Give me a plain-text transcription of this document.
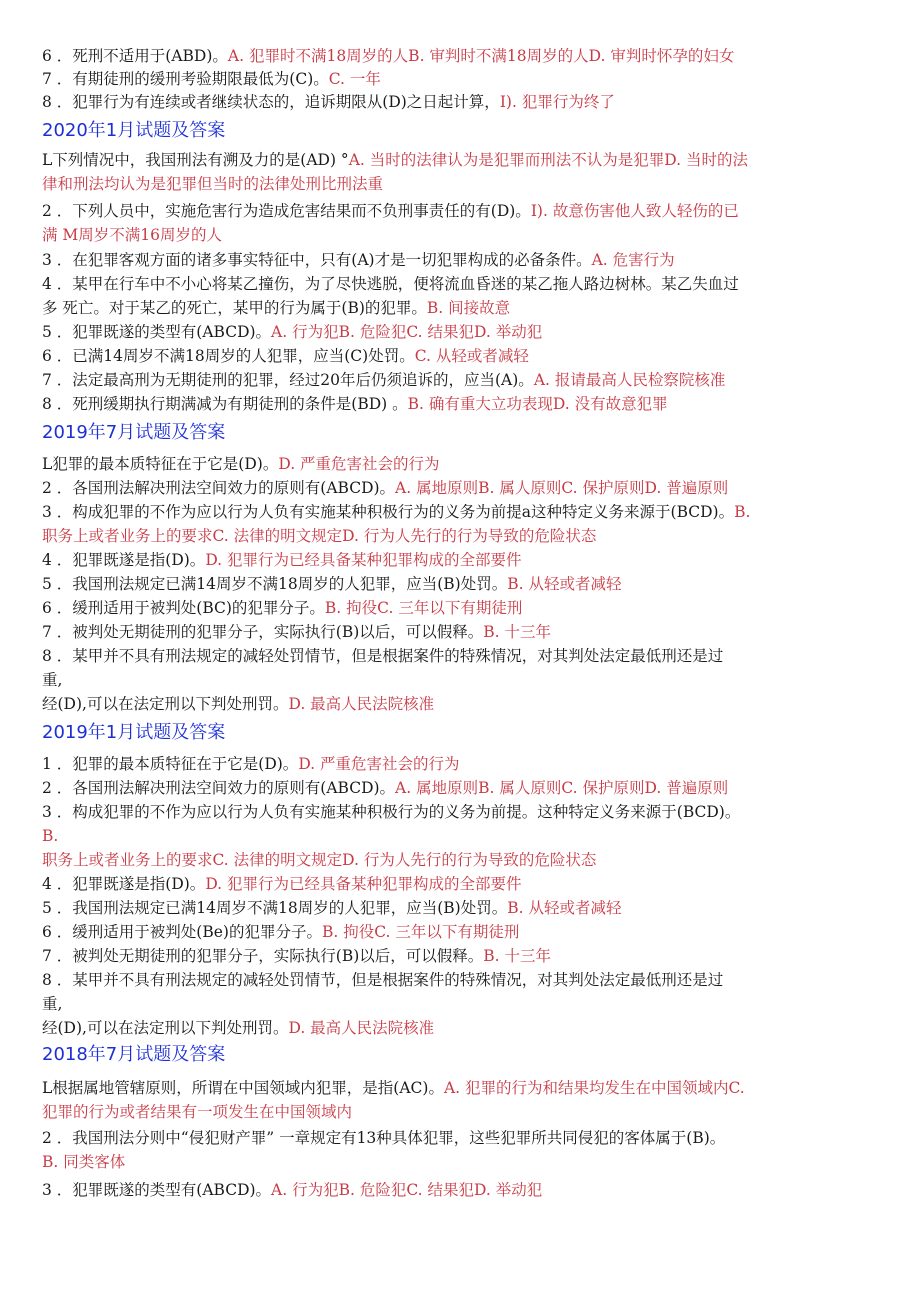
6 ．死刑不适用于(ABD)。A. 犯罪时不满18周岁的人B. 审判时不满18周岁的人D. 审判时怀孕的妇女
7 ．有期徒刑的缓刑考验期限最低为(C)。C. 一年
8 ．犯罪行为有连续或者继续状态的，追诉期限从(D)之日起计算，I). 犯罪行为终了
2020年1月试题及答案
L下列情况中，我国刑法有溯及力的是(AD) °A. 当时的法律认为是犯罪而刑法不认为是犯罪D. 当时的法
律和刑法均认为是犯罪但当时的法律处刑比刑法重
2 ．下列人员中，实施危害行为造成危害结果而不负刑事责任的有(D)。I). 故意伤害他人致人轻伤的已
满 M周岁不满16周岁的人
3 ．在犯罪客观方面的诸多事实特征中，只有(A)才是一切犯罪构成的必备条件。A. 危害行为
4 ．某甲在行车中不小心将某乙撞伤，为了尽快逃脱，便将流血昏迷的某乙拖人路边树林。某乙失血过
多 死亡。对于某乙的死亡，某甲的行为属于(B)的犯罪。B. 间接故意
5 ．犯罪既遂的类型有(ABCD)。A. 行为犯B. 危险犯C. 结果犯D. 举动犯
6 ．已满14周岁不满18周岁的人犯罪，应当(C)处罚。C. 从轻或者减轻
7 ．法定最高刑为无期徒刑的犯罪，经过20年后仍须追诉的，应当(A)。A. 报请最高人民检察院核准
8 ．死刑缓期执行期满减为有期徒刑的条件是(BD) 。B. 确有重大立功表现D. 没有故意犯罪
2019年7月试题及答案
L犯罪的最本质特征在于它是(D)。D. 严重危害社会的行为
2 ．各国刑法解决刑法空间效力的原则有(ABCD)。A. 属地原则B. 属人原则C. 保护原则D. 普遍原则
3 ．构成犯罪的不作为应以行为人负有实施某种积极行为的义务为前提a这种特定义务来源于(BCD)。B.
职务上或者业务上的要求C. 法律的明文规定D. 行为人先行的行为导致的危险状态
4 ．犯罪既遂是指(D)。D. 犯罪行为已经具备某种犯罪构成的全部要件
5 ．我国刑法规定已满14周岁不满18周岁的人犯罪，应当(B)处罚。B. 从轻或者减轻
6 ．缓刑适用于被判处(BC)的犯罪分子。B. 拘役C. 三年以下有期徒刑
7 ．被判处无期徒刑的犯罪分子，实际执行(B)以后，可以假释。B. 十三年
8 ．某甲并不具有刑法规定的减轻处罚情节，但是根据案件的特殊情况，对其判处法定最低刑还是过
重,
经(D),可以在法定刑以下判处刑罚。D. 最高人民法院核准
2019年1月试题及答案
1 ．犯罪的最本质特征在于它是(D)。D. 严重危害社会的行为
2 ．各国刑法解决刑法空间效力的原则有(ABCD)。A. 属地原则B. 属人原则C. 保护原则D. 普遍原则
3 ．构成犯罪的不作为应以行为人负有实施某种积极行为的义务为前提。这种特定义务来源于(BCD)。
B.
职务上或者业务上的要求C. 法律的明文规定D. 行为人先行的行为导致的危险状态
4 ．犯罪既遂是指(D)。D. 犯罪行为已经具备某种犯罪构成的全部要件
5 ．我国刑法规定已满14周岁不满18周岁的人犯罪，应当(B)处罚。B. 从轻或者减轻
6 ．缓刑适用于被判处(Be)的犯罪分子。B. 拘役C. 三年以下有期徒刑
7 ．被判处无期徒刑的犯罪分子，实际执行(B)以后，可以假释。B. 十三年
8 ．某甲并不具有刑法规定的减轻处罚情节，但是根据案件的特殊情况，对其判处法定最低刑还是过
重,
经(D),可以在法定刑以下判处刑罚。D. 最高人民法院核准
2018年7月试题及答案
L根据属地管辖原则，所谓在中国领域内犯罪，是指(AC)。A. 犯罪的行为和结果均发生在中国领域内C.
犯罪的行为或者结果有一项发生在中国领域内
2 ．我国刑法分则中“侵犯财产罪” 一章规定有13种具体犯罪，这些犯罪所共同侵犯的客体属于(B)。
B. 同类客体
3 ．犯罪既遂的类型有(ABCD)。A. 行为犯B. 危险犯C. 结果犯D. 举动犯
